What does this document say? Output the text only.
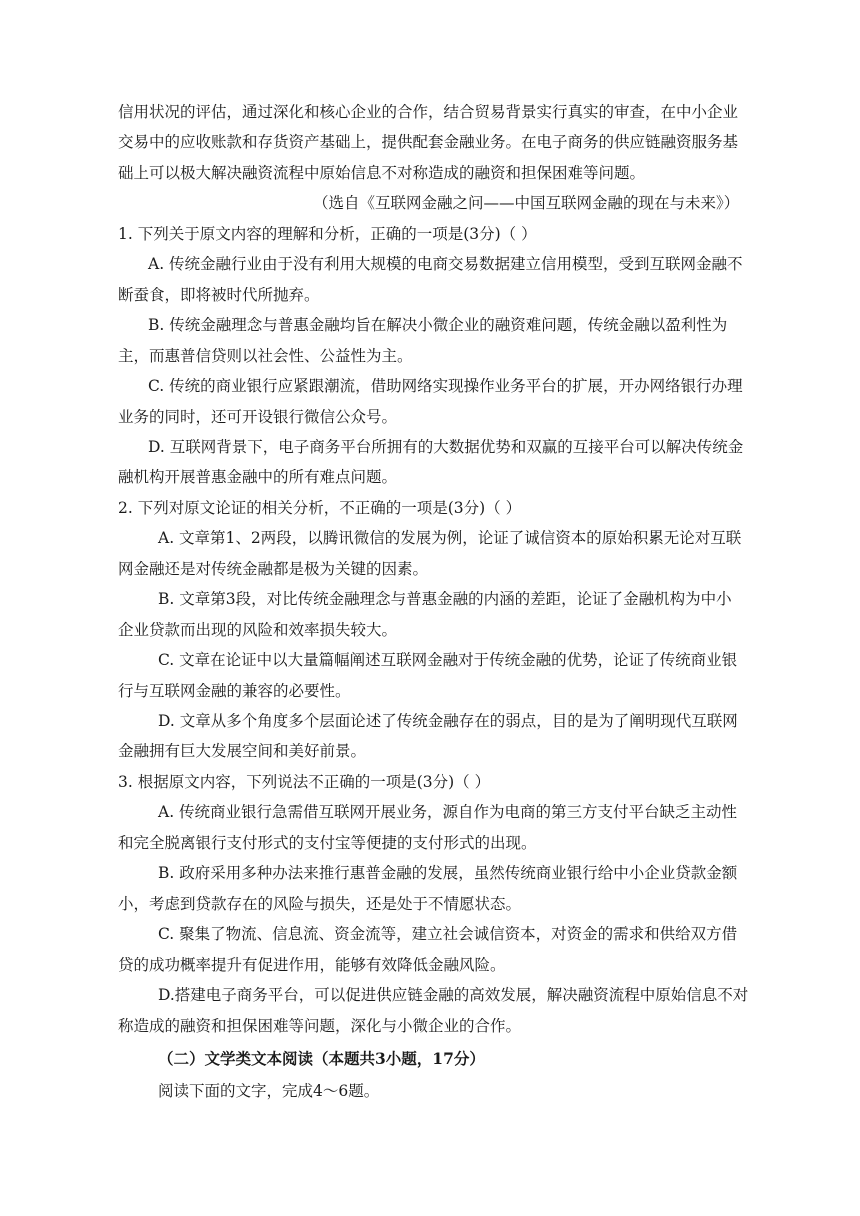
信用状况的评估，通过深化和核心企业的合作，结合贸易背景实行真实的审查，在中小企业
交易中的应收账款和存货资产基础上，提供配套金融业务。在电子商务的供应链融资服务基
础上可以极大解决融资流程中原始信息不对称造成的融资和担保困难等问题。
（选自《互联网金融之问——中国互联网金融的现在与未来》）
1. 下列关于原文内容的理解和分析，正确的一项是(3分)（ ）
A. 传统金融行业由于没有利用大规模的电商交易数据建立信用模型，受到互联网金融不
断蚕食，即将被时代所抛弃。
B. 传统金融理念与普惠金融均旨在解决小微企业的融资难问题，传统金融以盈利性为
主，而惠普信贷则以社会性、公益性为主。
C. 传统的商业银行应紧跟潮流，借助网络实现操作业务平台的扩展，开办网络银行办理
业务的同时，还可开设银行微信公众号。
D. 互联网背景下，电子商务平台所拥有的大数据优势和双赢的互接平台可以解决传统金
融机构开展普惠金融中的所有难点问题。
2. 下列对原文论证的相关分析，不正确的一项是(3分)（ ）
A. 文章第1、2两段，以腾讯微信的发展为例，论证了诚信资本的原始积累无论对互联
网金融还是对传统金融都是极为关键的因素。
B. 文章第3段，对比传统金融理念与普惠金融的内涵的差距，论证了金融机构为中小
企业贷款而出现的风险和效率损失较大。
C. 文章在论证中以大量篇幅阐述互联网金融对于传统金融的优势，论证了传统商业银
行与互联网金融的兼容的必要性。
D. 文章从多个角度多个层面论述了传统金融存在的弱点，目的是为了阐明现代互联网
金融拥有巨大发展空间和美好前景。
3. 根据原文内容，下列说法不正确的一项是(3分)（ ）
A. 传统商业银行急需借互联网开展业务，源自作为电商的第三方支付平台缺乏主动性
和完全脱离银行支付形式的支付宝等便捷的支付形式的出现。
B. 政府采用多种办法来推行惠普金融的发展，虽然传统商业银行给中小企业贷款金额
小，考虑到贷款存在的风险与损失，还是处于不情愿状态。
C. 聚集了物流、信息流、资金流等，建立社会诚信资本，对资金的需求和供给双方借
贷的成功概率提升有促进作用，能够有效降低金融风险。
D.搭建电子商务平台，可以促进供应链金融的高效发展，解决融资流程中原始信息不对
称造成的融资和担保困难等问题，深化与小微企业的合作。
（二）文学类文本阅读（本题共3小题，17分）
阅读下面的文字，完成4～6题。
